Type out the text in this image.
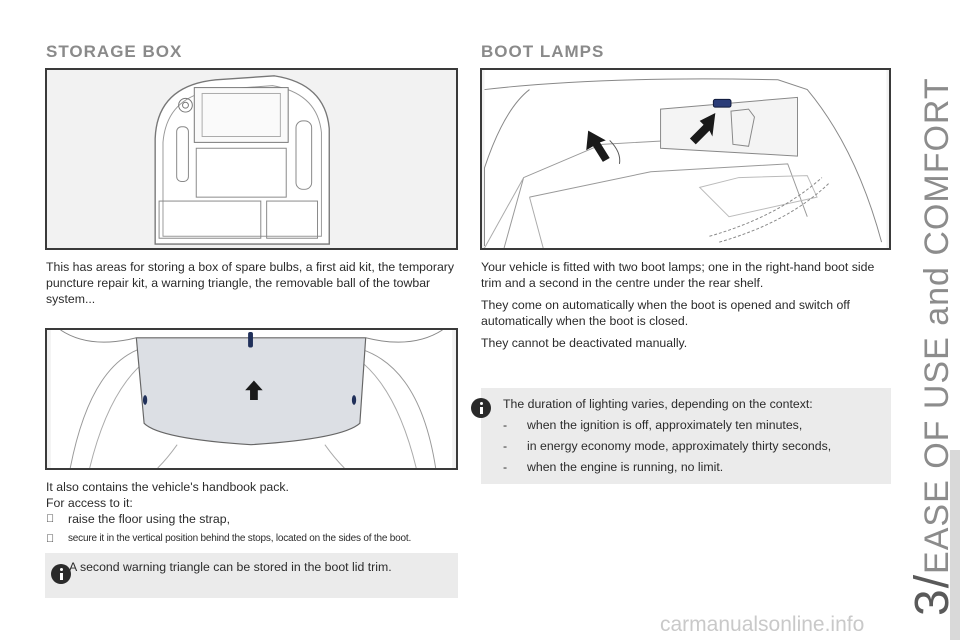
STORAGE BOX
This has areas for storing a box of spare bulbs, a first aid kit, the temporary puncture repair kit, a warning triangle, the removable ball of the towbar system...
It also contains the vehicle's handbook pack.
For access to it:
raise the floor using the strap,
secure it in the vertical position behind the stops, located on the sides of the boot.
A second warning triangle can be stored in the boot lid trim.
BOOT LAMPS

Your vehicle is fitted with two boot lamps; one in the right-hand boot side trim and a second in the centre under the rear shelf.

They come on automatically when the boot is opened and switch off automatically when the boot is closed.

They cannot be deactivated manually.

The duration of lighting varies, depending on the context:
-	when the ignition is off, approximately ten minutes,
-	in energy economy mode, approximately thirty seconds,
-	when the engine is running, no limit.
3/EASE OF USE and COMFORT
carmanualsonline.info
